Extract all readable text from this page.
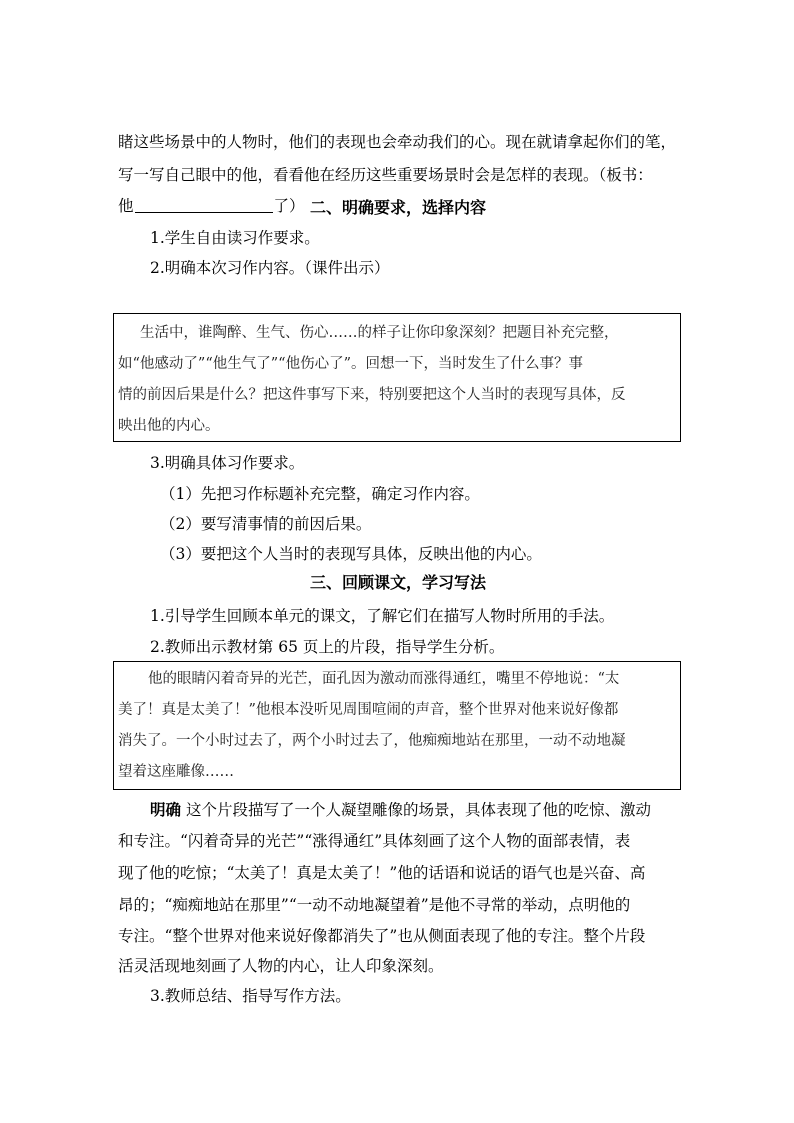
睹这些场景中的人物时，他们的表现也会牵动我们的心。现在就请拿起你们的笔，
写一写自己眼中的他，看看他在经历这些重要场景时会是怎样的表现。（板书：
他	了） 二、明确要求，选择内容
1.学生自由读习作要求。
2.明确本次习作内容。（课件出示）
生活中，谁陶醉、生气、伤心……的样子让你印象深刻？把题目补充完整，
如“他感动了”“他生气了”“他伤心了”。回想一下，当时发生了什么事？事
情的前因后果是什么？把这件事写下来，特别要把这个人当时的表现写具体，反
映出他的内心。
3.明确具体习作要求。
（1）先把习作标题补充完整，确定习作内容。
（2）要写清事情的前因后果。
（3）要把这个人当时的表现写具体，反映出他的内心。
三、回顾课文，学习写法
1.引导学生回顾本单元的课文，了解它们在描写人物时所用的手法。
2.教师出示教材第 65 页上的片段，指导学生分析。
他的眼睛闪着奇异的光芒，面孔因为激动而涨得通红，嘴里不停地说：“太
美了！真是太美了！”他根本没听见周围喧闹的声音，整个世界对他来说好像都
消失了。一个小时过去了，两个小时过去了，他痴痴地站在那里，一动不动地凝
望着这座雕像……
明确 这个片段描写了一个人凝望雕像的场景，具体表现了他的吃惊、激动
和专注。“闪着奇异的光芒”“涨得通红”具体刻画了这个人物的面部表情，表
现了他的吃惊；“太美了！真是太美了！”他的话语和说话的语气也是兴奋、高
昂的；“痴痴地站在那里”“一动不动地凝望着”是他不寻常的举动，点明他的
专注。“整个世界对他来说好像都消失了”也从侧面表现了他的专注。整个片段
活灵活现地刻画了人物的内心，让人印象深刻。
3.教师总结、指导写作方法。
